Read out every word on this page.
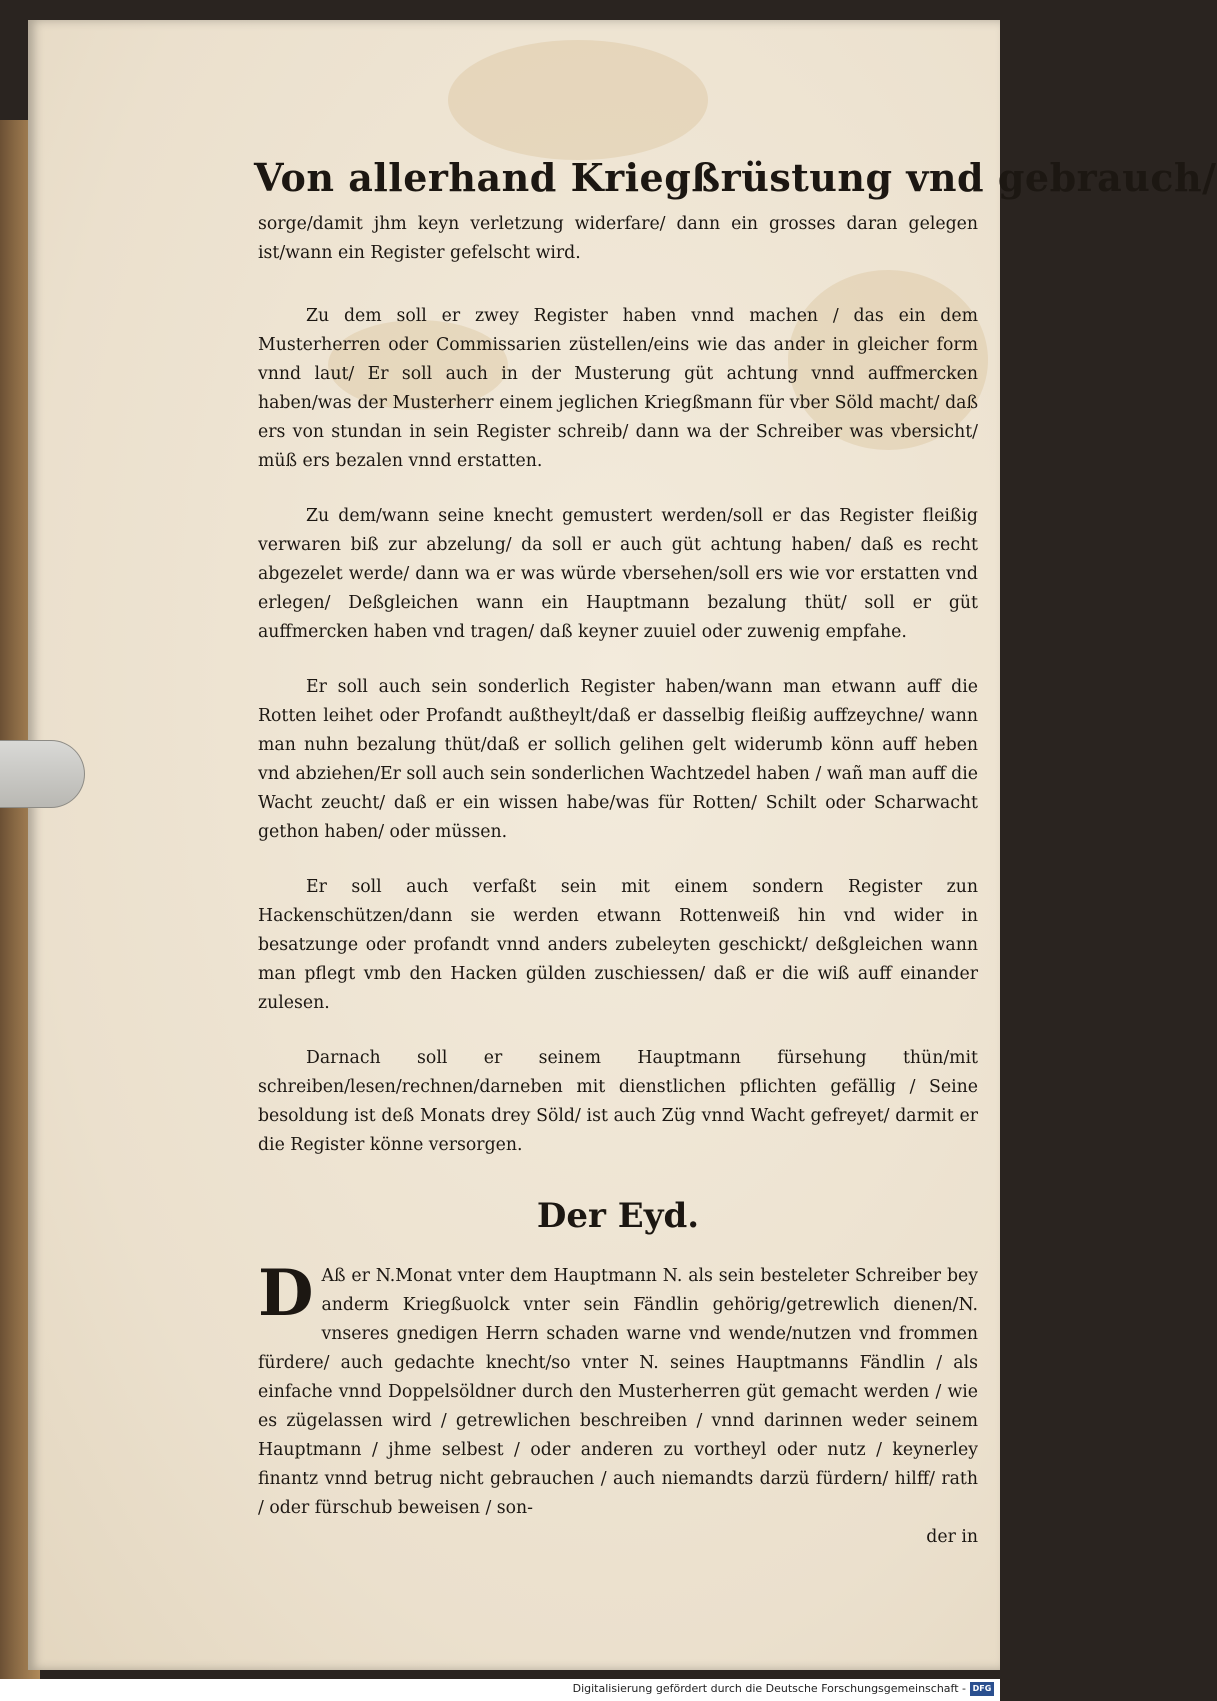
Von allerhand Kriegßrüstung vnd gebrauch/

sorge/damit jhm keyn verletzung widerfare/ dann ein grosses daran gelegen ist/wann ein Register gefelscht wird.

Zu dem soll er zwey Register haben vnnd machen / das ein dem Musterherren oder Commissarien züstellen/eins wie das ander in gleicher form vnnd laut/ Er soll auch in der Musterung güt achtung vnnd auffmercken haben/was der Musterherr einem jeglichen Kriegßmann für vber Söld macht/ daß ers von stundan in sein Register schreib/ dann wa der Schreiber was vbersicht/ müß ers bezalen vnnd erstatten.

Zu dem/wann seine knecht gemustert werden/soll er das Register fleißig verwaren biß zur abzelung/ da soll er auch güt achtung haben/ daß es recht abgezelet werde/ dann wa er was würde vbersehen/soll ers wie vor erstatten vnd erlegen/ Deßgleichen wann ein Hauptmann bezalung thüt/ soll er güt auffmercken haben vnd tragen/ daß keyner zuuiel oder zuwenig empfahe.

Er soll auch sein sonderlich Register haben/wann man etwann auff die Rotten leihet oder Profandt außtheylt/daß er dasselbig fleißig auffzeychne/ wann man nuhn bezalung thüt/daß er sollich gelihen gelt widerumb könn auff heben vnd abziehen/Er soll auch sein sonderlichen Wachtzedel haben / wañ man auff die Wacht zeucht/ daß er ein wissen habe/was für Rotten/ Schilt oder Scharwacht gethon haben/ oder müssen.

Er soll auch verfaßt sein mit einem sondern Register zun Hackenschützen/dann sie werden etwann Rottenweiß hin vnd wider in besatzunge oder profandt vnnd anders zubeleyten geschickt/ deßgleichen wann man pflegt vmb den Hacken gülden zuschiessen/ daß er die wiß auff einander zulesen.

Darnach soll er seinem Hauptmann fürsehung thün/mit schreiben/lesen/rechnen/darneben mit dienstlichen pflichten gefällig / Seine besoldung ist deß Monats drey Söld/ ist auch Züg vnnd Wacht gefreyet/ darmit er die Register könne versorgen.

Der Eyd.
D Aß er N.Monat vnter dem Hauptmann N. als sein besteleter Schreiber bey anderm Kriegßuolck vnter sein Fändlin gehörig/getrewlich dienen/N. vnseres gnedigen Herrn schaden warne vnd wende/nutzen vnd frommen fürdere/ auch gedachte knecht/so vnter N. seines Hauptmanns Fändlin / als einfache vnnd Doppelsöldner durch den Musterherren güt gemacht werden / wie es zügelassen wird / getrewlichen beschreiben / vnnd darinnen weder seinem Hauptmann / jhme selbest / oder anderen zu vortheyl oder nutz / keynerley finantz vnnd betrug nicht gebrauchen / auch niemandts darzü fürdern/ hilff/ rath / oder fürschub beweisen / son-
der in
Digitalisierung gefördert durch die Deutsche Forschungsgemeinschaft - DFG
